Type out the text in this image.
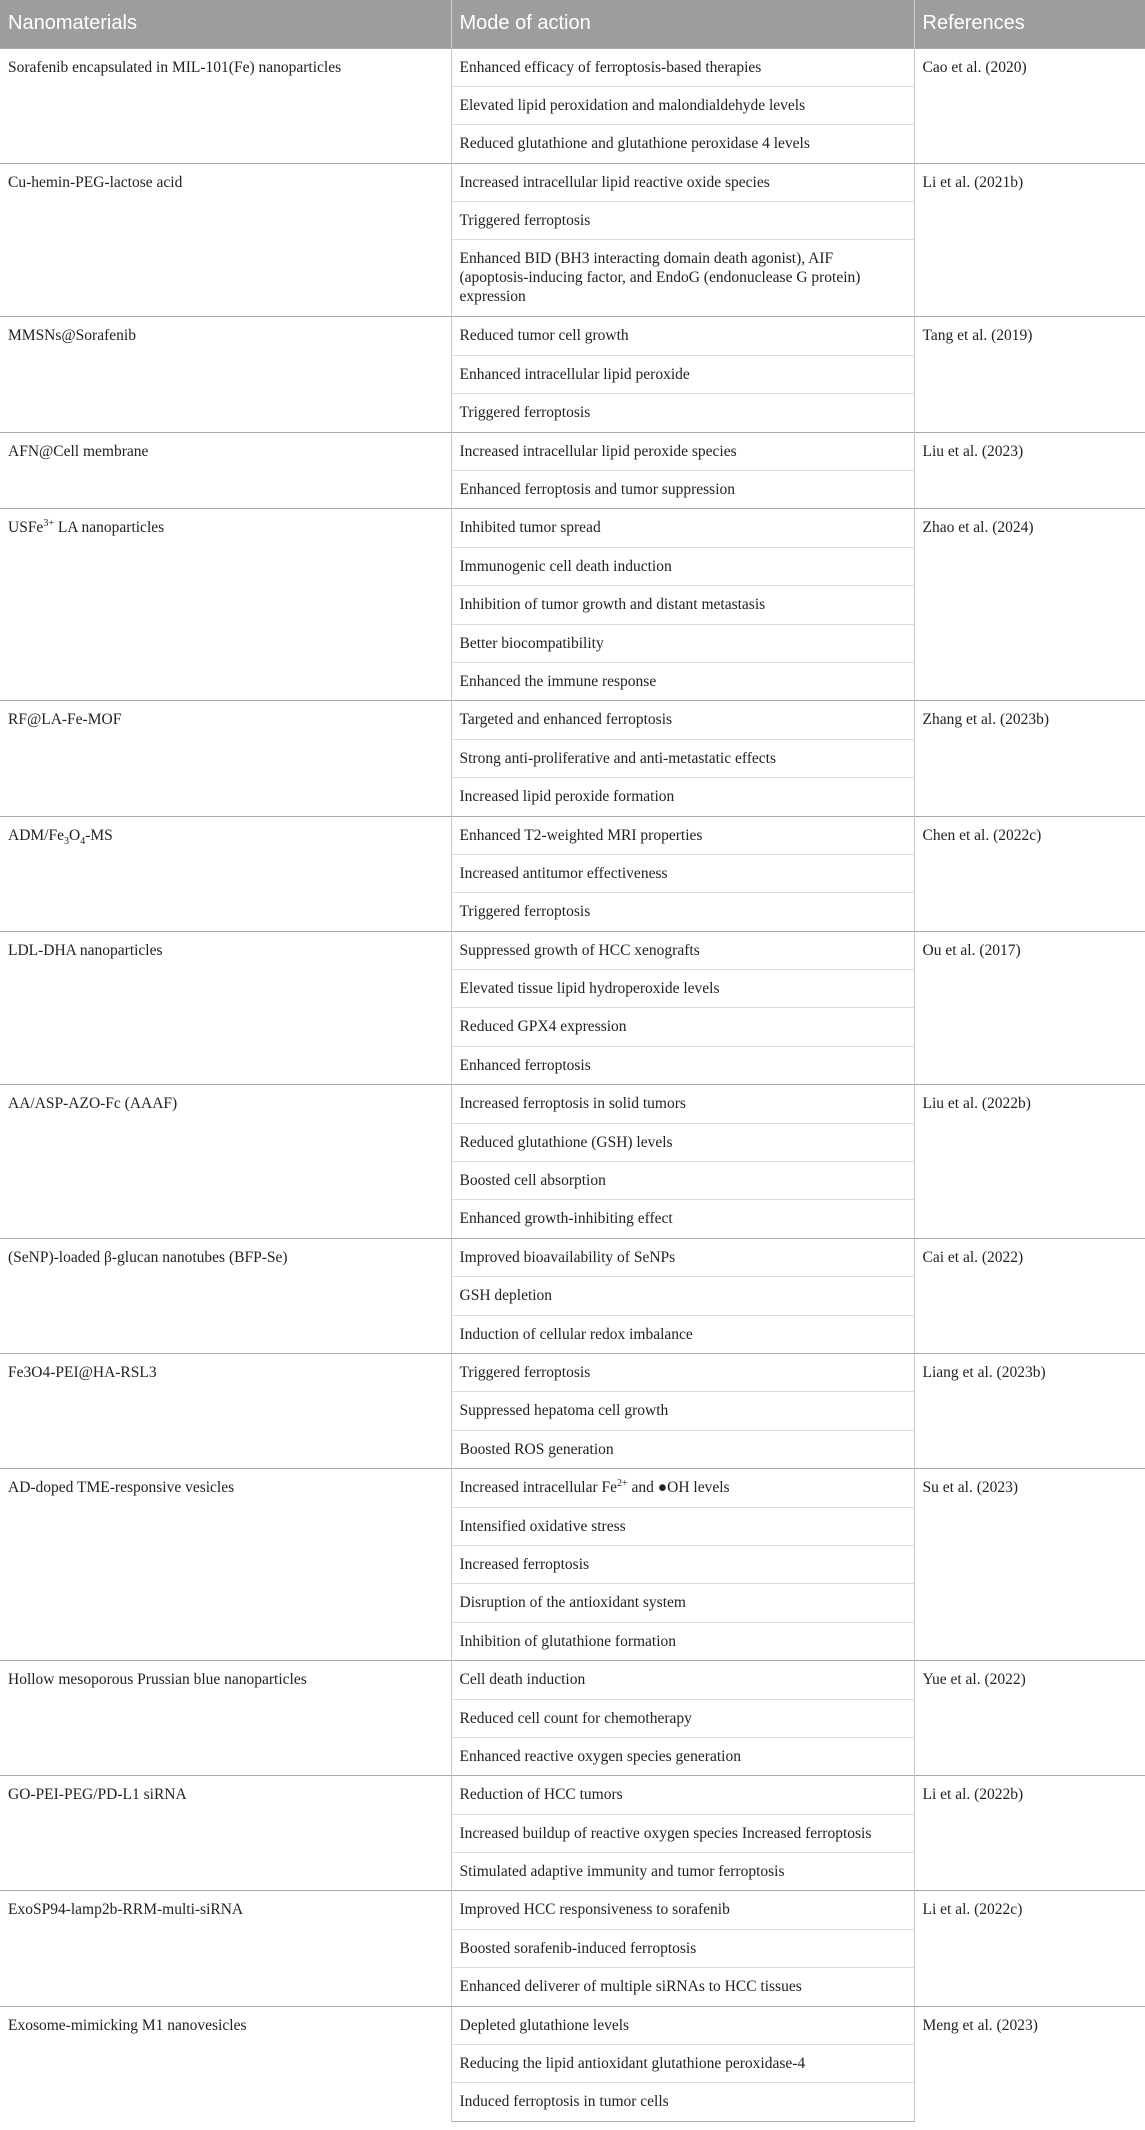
Nanomaterials	Mode of action	References
Sorafenib encapsulated in MIL-101(Fe) nanoparticles	Enhanced efficacy of ferroptosis-based therapies	Cao et al. (2020)
	Elevated lipid peroxidation and malondialdehyde levels	
	Reduced glutathione and glutathione peroxidase 4 levels	
Cu-hemin-PEG-lactose acid	Increased intracellular lipid reactive oxide species	Li et al. (2021b)
	Triggered ferroptosis	
	Enhanced BID (BH3 interacting domain death agonist), AIF (apoptosis-inducing factor, and EndoG (endonuclease G protein) expression	
MMSNs@Sorafenib	Reduced tumor cell growth	Tang et al. (2019)
	Enhanced intracellular lipid peroxide	
	Triggered ferroptosis	
AFN@Cell membrane	Increased intracellular lipid peroxide species	Liu et al. (2023)
	Enhanced ferroptosis and tumor suppression	
USFe$^{3+}$ LA nanoparticles	Inhibited tumor spread	Zhao et al. (2024)
	Immunogenic cell death induction	
	Inhibition of tumor growth and distant metastasis	
	Better biocompatibility	
	Enhanced the immune response	
RF@LA-Fe-MOF	Targeted and enhanced ferroptosis	Zhang et al. (2023b)
	Strong anti-proliferative and anti-metastatic effects	
	Increased lipid peroxide formation	
ADM/$Fe_3O_4-MS$	Enhanced T2-weighted MRI properties	Chen et al. (2022c)
	Increased antitumor effectiveness	
	Triggered ferroptosis	
LDL-DHA nanoparticles	Suppressed growth of HCC xenografts	Ou et al. (2017)
	Elevated tissue lipid hydroperoxide levels	
	Reduced GPX4 expression	
	Enhanced ferroptosis	
AA/ASP-AZO-Fc (AAAF)	Increased ferroptosis in solid tumors	Liu et al. (2022b)
	Reduced glutathione (GSH) levels	
	Boosted cell absorption	
	Enhanced growth-inhibiting effect	
(SeNP)-loaded β-glucan nanotubes (BFP-Se)	Improved bioavailability of SeNPs	Cai et al. (2022)
	GSH depletion	
	Induction of cellular redox imbalance	
Fe3O4-PEI@HA-RSL3	Triggered ferroptosis	Liang et al. (2023b)
	Suppressed hepatoma cell growth	
	Boosted ROS generation	
AD-doped TME-responsive vesicles	Increased intracellular $Fe^{2+}$ and ●OH levels	Su et al. (2023)
	Intensified oxidative stress	
	Increased ferroptosis	
	Disruption of the antioxidant system	
	Inhibition of glutathione formation	
Hollow mesoporous Prussian blue nanoparticles	Cell death induction	Yue et al. (2022)
	Reduced cell count for chemotherapy	
	Enhanced reactive oxygen species generation	
GO-PEI-PEG/PD-L1 siRNA	Reduction of HCC tumors	Li et al. (2022b)
	Increased buildup of reactive oxygen species Increased ferroptosis	
	Stimulated adaptive immunity and tumor ferroptosis	
ExoSP94-lamp2b-RRM-multi-siRNA	Improved HCC responsiveness to sorafenib	Li et al. (2022c)
	Boosted sorafenib-induced ferroptosis	
	Enhanced deliverer of multiple siRNAs to HCC tissues	
Exosome-mimicking M1 nanovesicles	Depleted glutathione levels	Meng et al. (2023)
	Reducing the lipid antioxidant glutathione peroxidase-4	
	Induced ferroptosis in tumor cells	
